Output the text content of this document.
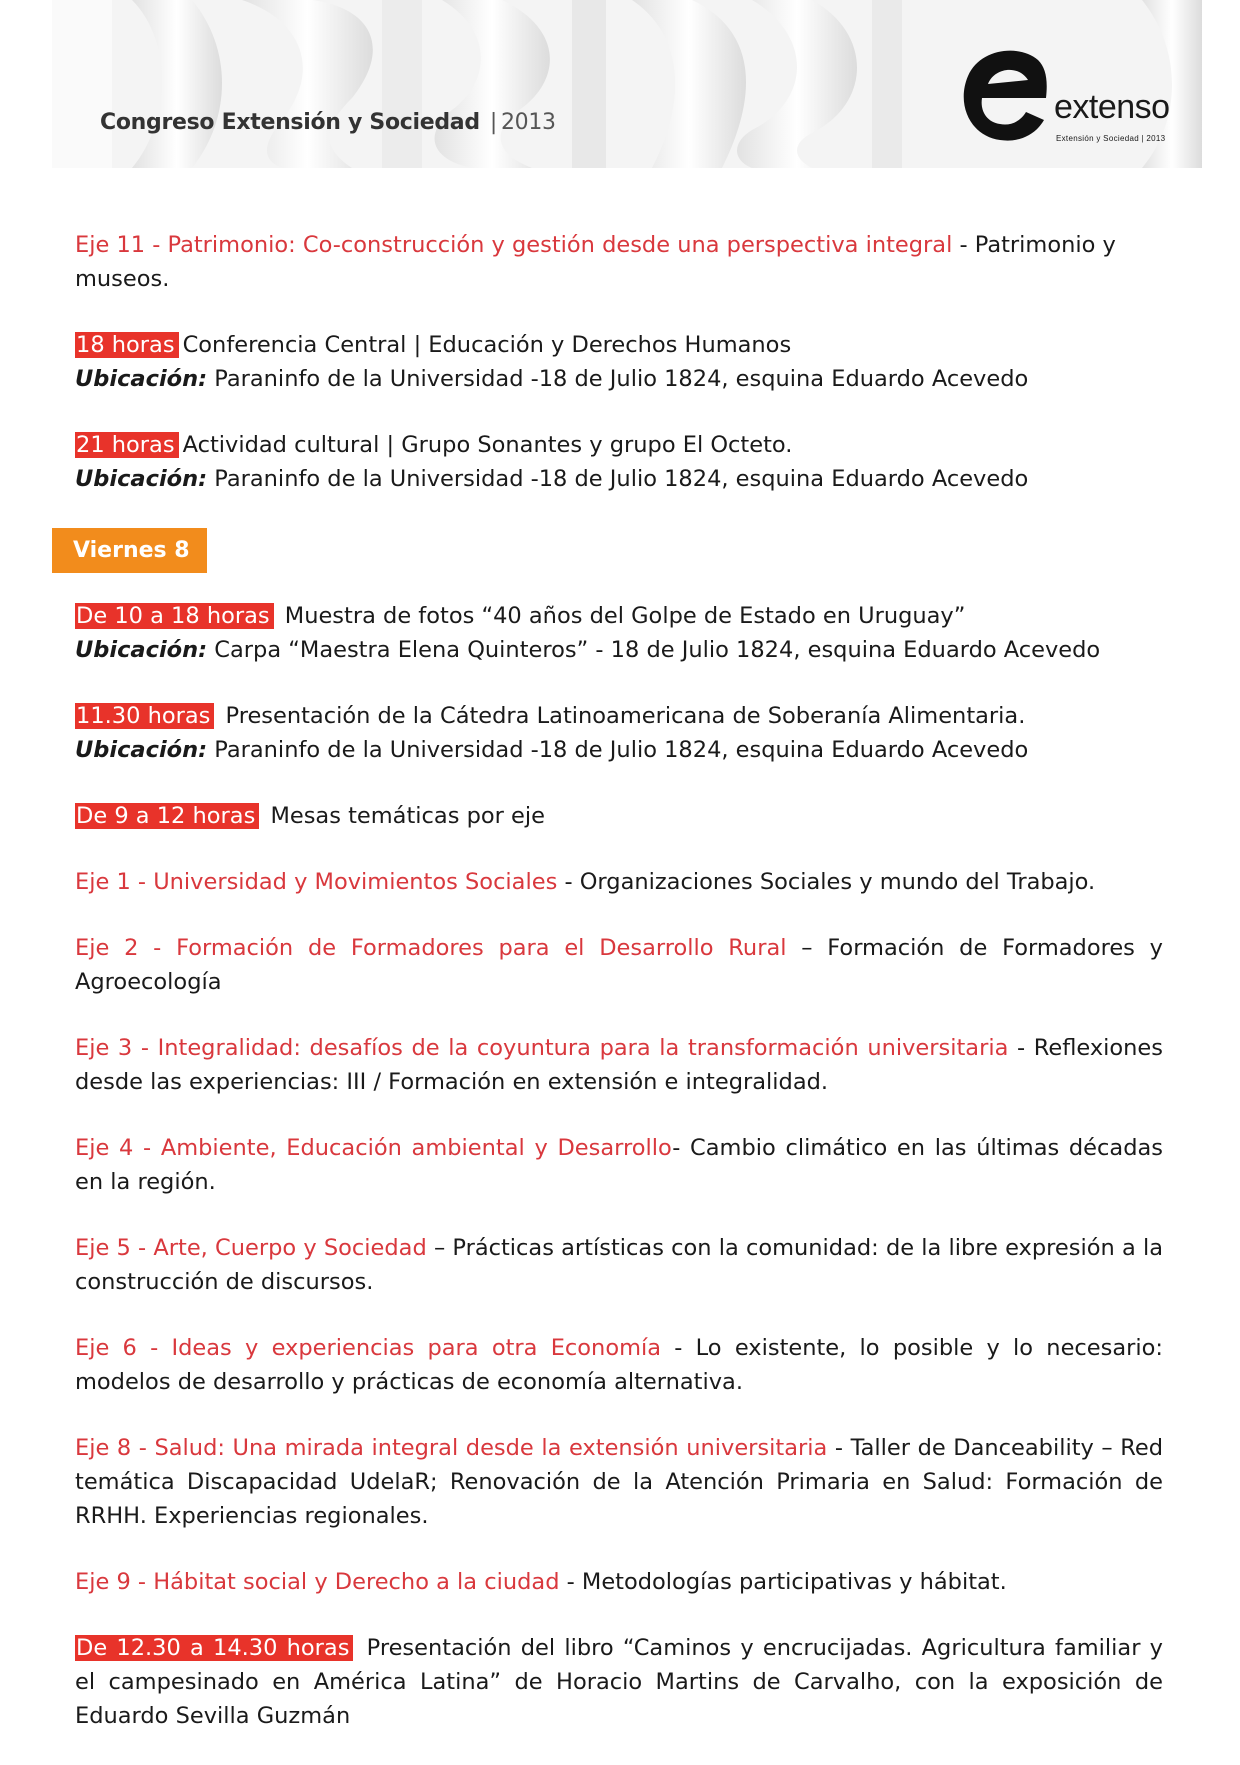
Congreso Extensión y Sociedad | 2013	extenso
Extensión y Sociedad | 2013

Eje 11 - Patrimonio: Co-construcción y gestión desde una perspectiva integral - Patrimonio y museos.

18 horas Conferencia Central | Educación y Derechos Humanos
Ubicación: Paraninfo de la Universidad -18 de Julio 1824, esquina Eduardo Acevedo

21 horas Actividad cultural | Grupo Sonantes y grupo El Octeto.
Ubicación: Paraninfo de la Universidad -18 de Julio 1824, esquina Eduardo Acevedo

Viernes 8

De 10 a 18 horas Muestra de fotos “40 años del Golpe de Estado en Uruguay”
Ubicación: Carpa “Maestra Elena Quinteros” - 18 de Julio 1824, esquina Eduardo Acevedo

11.30 horas Presentación de la Cátedra Latinoamericana de Soberanía Alimentaria.
Ubicación: Paraninfo de la Universidad -18 de Julio 1824, esquina Eduardo Acevedo

De 9 a 12 horas Mesas temáticas por eje

Eje 1 - Universidad y Movimientos Sociales - Organizaciones Sociales y mundo del Trabajo.

Eje 2 - Formación de Formadores para el Desarrollo Rural – Formación de Formadores y Agroecología

Eje 3 - Integralidad: desafíos de la coyuntura para la transformación universitaria - Reflexiones desde las experiencias: III / Formación en extensión e integralidad.

Eje 4 - Ambiente, Educación ambiental y Desarrollo- Cambio climático en las últimas décadas en la región.

Eje 5 - Arte, Cuerpo y Sociedad – Prácticas artísticas con la comunidad: de la libre expresión a la construcción de discursos.

Eje 6 - Ideas y experiencias para otra Economía - Lo existente, lo posible y lo necesario: modelos de desarrollo y prácticas de economía alternativa.

Eje 8 - Salud: Una mirada integral desde la extensión universitaria - Taller de Danceability – Red temática Discapacidad UdelaR; Renovación de la Atención Primaria en Salud: Formación de RRHH. Experiencias regionales.

Eje 9 - Hábitat social y Derecho a la ciudad - Metodologías participativas y hábitat.

De 12.30 a 14.30 horas Presentación del libro “Caminos y encrucijadas. Agricultura familiar y el campesinado en América Latina” de Horacio Martins de Carvalho, con la exposición de Eduardo Sevilla Guzmán
